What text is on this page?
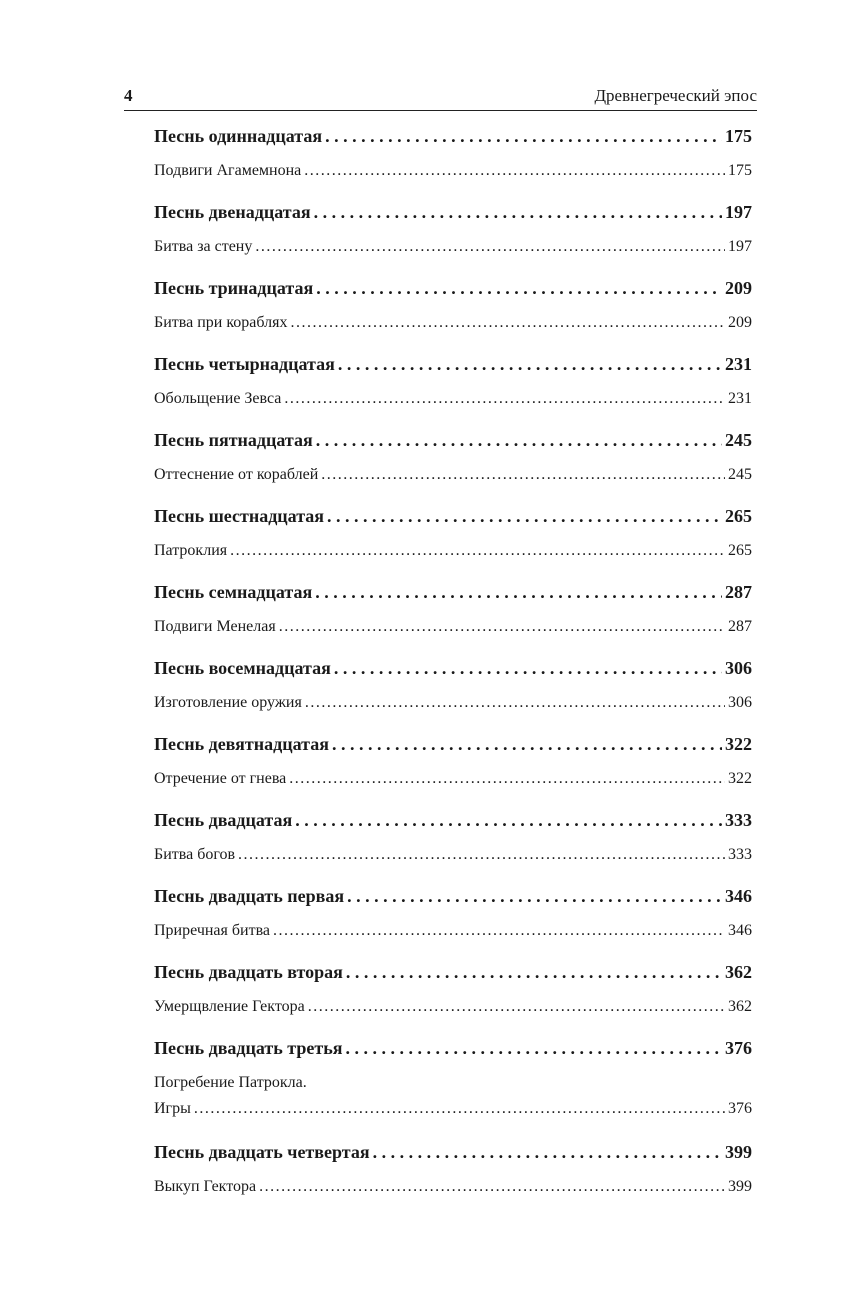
4	Древнегреческий эпос
Песнь одиннадцатая . . .	175
Подвиги Агамемнона .....	175
Песнь двенадцатая . . .	197
Битва за стену .....	197
Песнь тринадцатая . . .	209
Битва при кораблях .....	209
Песнь четырнадцатая . . .	231
Обольщение Зевса .....	231
Песнь пятнадцатая . . .	245
Оттеснение от кораблей .....	245
Песнь шестнадцатая . . .	265
Патроклия .....	265
Песнь семнадцатая . . .	287
Подвиги Менелая .....	287
Песнь восемнадцатая . . .	306
Изготовление оружия .....	306
Песнь девятнадцатая . . .	322
Отречение от гнева .....	322
Песнь двадцатая . . .	333
Битва богов .....	333
Песнь двадцать первая . . .	346
Приречная битва .....	346
Песнь двадцать вторая . . .	362
Умерщвление Гектора .....	362
Песнь двадцать третья . . .	376
Погребение Патрокла.
Игры .....	376
Песнь двадцать четвертая . . .	399
Выкуп Гектора .....	399
